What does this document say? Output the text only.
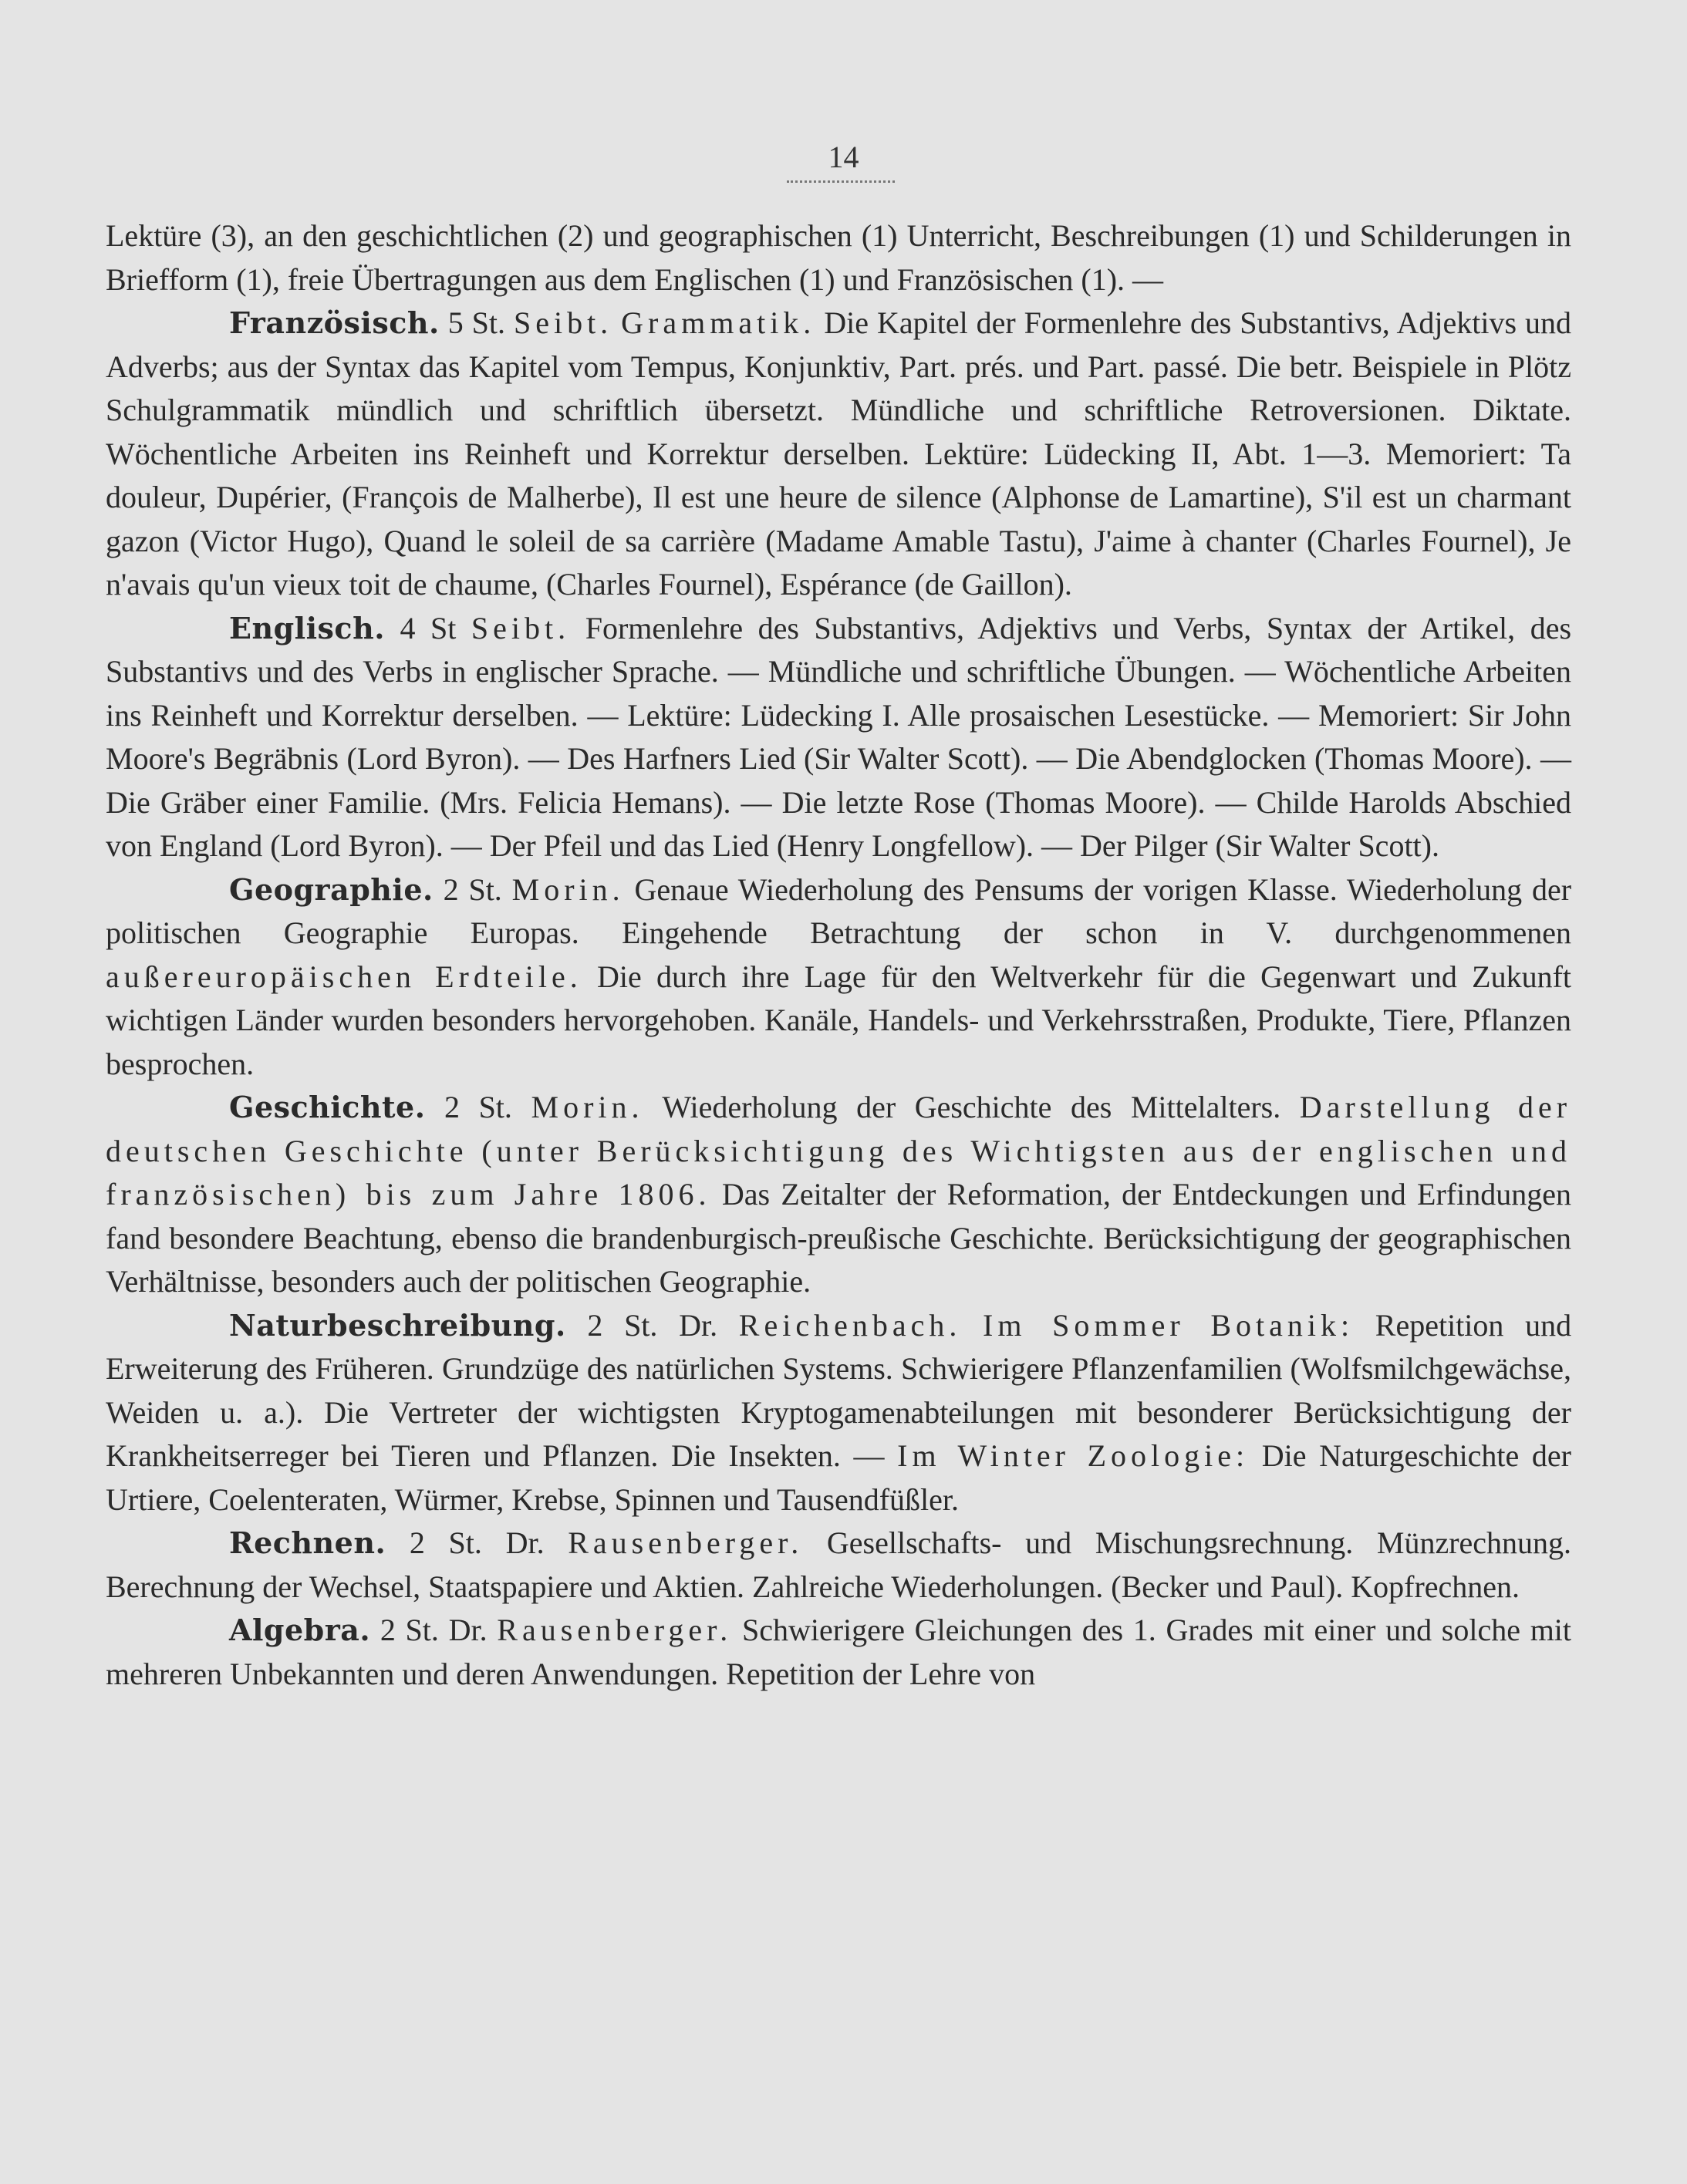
14

Lektüre (3), an den geschichtlichen (2) und geographischen (1) Unterricht, Beschreibungen (1) und Schilderungen in Briefform (1), freie Übertragungen aus dem Englischen (1) und Französischen (1). —

Französisch. 5 St. Seibt. Grammatik. Die Kapitel der Formenlehre des Substantivs, Adjektivs und Adverbs; aus der Syntax das Kapitel vom Tempus, Konjunktiv, Part. prés. und Part. passé. Die betr. Beispiele in Plötz Schulgrammatik mündlich und schriftlich übersetzt. Mündliche und schriftliche Retroversionen. Diktate. Wöchentliche Arbeiten ins Reinheft und Korrektur derselben. Lektüre: Lüdecking II, Abt. 1—3. Memoriert: Ta douleur, Dupérier, (François de Malherbe), Il est une heure de silence (Alphonse de Lamartine), S'il est un charmant gazon (Victor Hugo), Quand le soleil de sa carrière (Madame Amable Tastu), J'aime à chanter (Charles Fournel), Je n'avais qu'un vieux toit de chaume, (Charles Fournel), Espérance (de Gaillon).

Englisch. 4 St Seibt. Formenlehre des Substantivs, Adjektivs und Verbs, Syntax der Artikel, des Substantivs und des Verbs in englischer Sprache. — Mündliche und schriftliche Übungen. — Wöchentliche Arbeiten ins Reinheft und Korrektur derselben. — Lektüre: Lüdecking I. Alle prosaischen Lesestücke. — Memoriert: Sir John Moore's Begräbnis (Lord Byron). — Des Harfners Lied (Sir Walter Scott). — Die Abendglocken (Thomas Moore). — Die Gräber einer Familie. (Mrs. Felicia Hemans). — Die letzte Rose (Thomas Moore). — Childe Harolds Abschied von England (Lord Byron). — Der Pfeil und das Lied (Henry Longfellow). — Der Pilger (Sir Walter Scott).

Geographie. 2 St. Morin. Genaue Wiederholung des Pensums der vorigen Klasse. Wiederholung der politischen Geographie Europas. Eingehende Betrachtung der schon in V. durchgenommenen außereuropäischen Erdteile. Die durch ihre Lage für den Weltverkehr für die Gegenwart und Zukunft wichtigen Länder wurden besonders hervorgehoben. Kanäle, Handels- und Verkehrsstraßen, Produkte, Tiere, Pflanzen besprochen.

Geschichte. 2 St. Morin. Wiederholung der Geschichte des Mittelalters. Darstellung der deutschen Geschichte (unter Berücksichtigung des Wichtigsten aus der englischen und französischen) bis zum Jahre 1806. Das Zeitalter der Reformation, der Entdeckungen und Erfindungen fand besondere Beachtung, ebenso die brandenburgisch-preußische Geschichte. Berücksichtigung der geographischen Verhältnisse, besonders auch der politischen Geographie.

Naturbeschreibung. 2 St. Dr. Reichenbach. Im Sommer Botanik: Repetition und Erweiterung des Früheren. Grundzüge des natürlichen Systems. Schwierigere Pflanzenfamilien (Wolfsmilchgewächse, Weiden u. a.). Die Vertreter der wichtigsten Kryptogamenabteilungen mit besonderer Berücksichtigung der Krankheitserreger bei Tieren und Pflanzen. Die Insekten. — Im Winter Zoologie: Die Naturgeschichte der Urtiere, Coelenteraten, Würmer, Krebse, Spinnen und Tausendfüßler.

Rechnen. 2 St. Dr. Rausenberger. Gesellschafts- und Mischungsrechnung. Münzrechnung. Berechnung der Wechsel, Staatspapiere und Aktien. Zahlreiche Wiederholungen. (Becker und Paul). Kopfrechnen.

Algebra. 2 St. Dr. Rausenberger. Schwierigere Gleichungen des 1. Grades mit einer und solche mit mehreren Unbekannten und deren Anwendungen. Repetition der Lehre von
